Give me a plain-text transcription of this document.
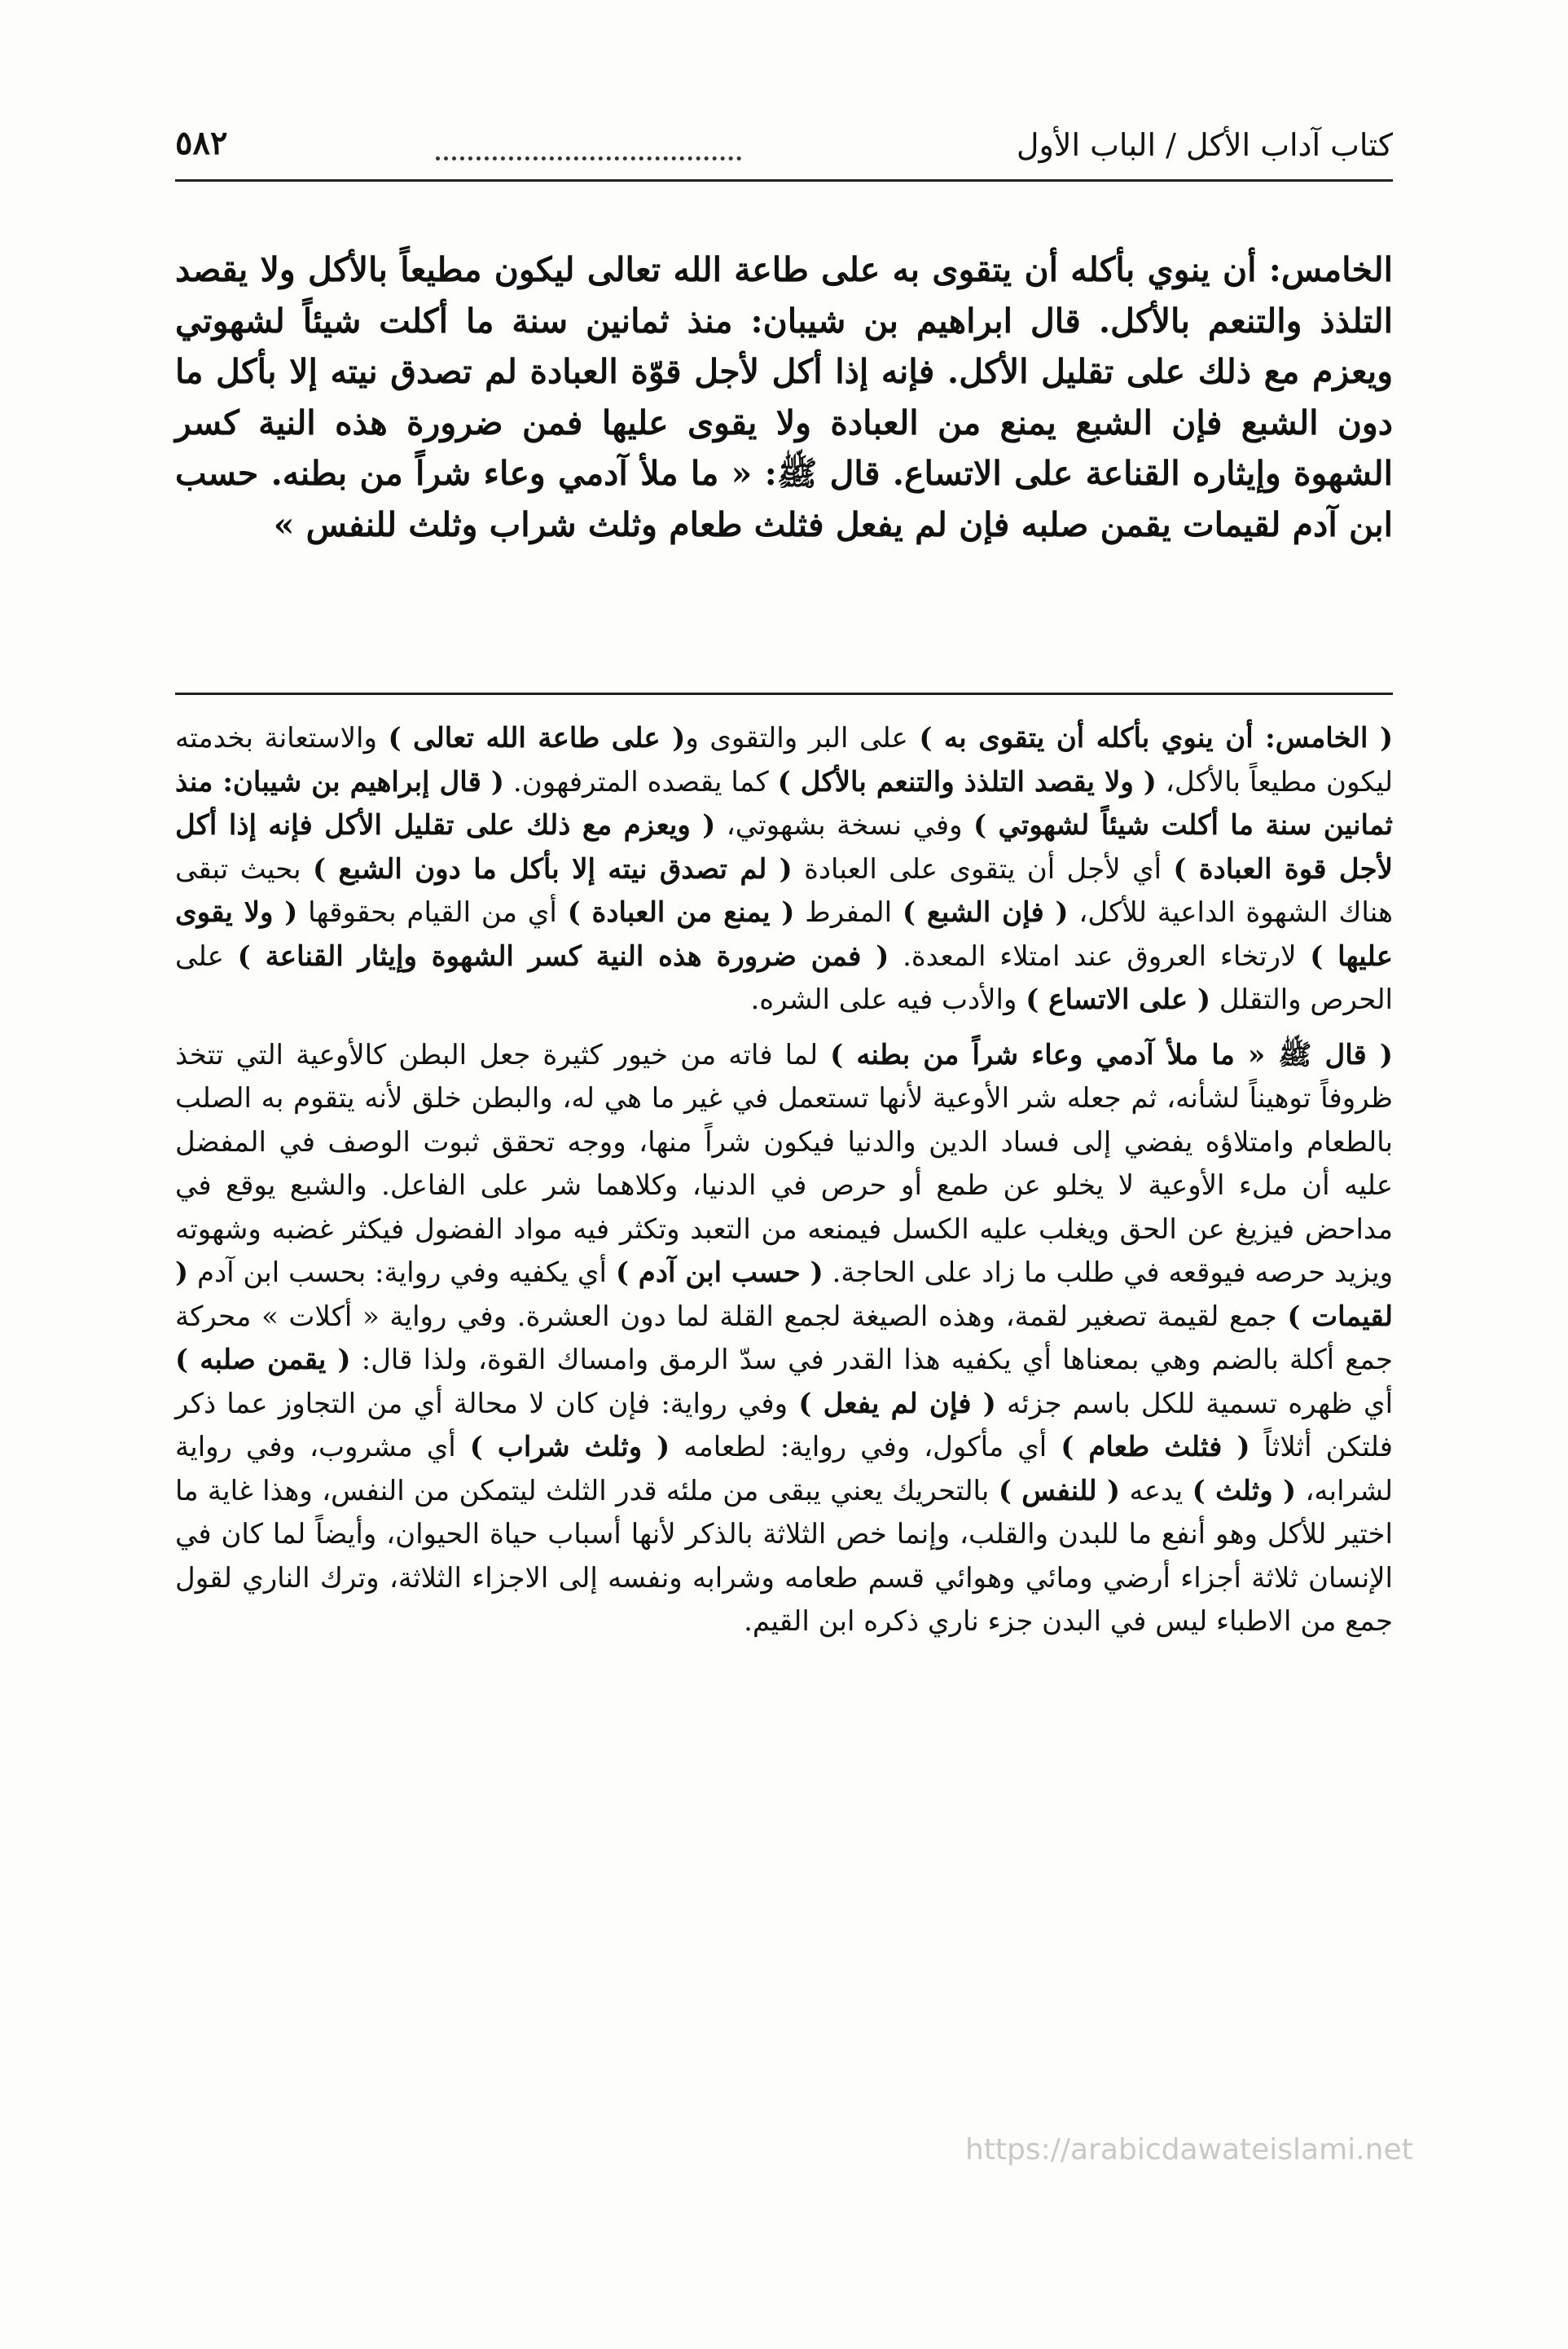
كتاب آداب الأكل / الباب الأول
٥٨٢
الخامس: أن ينوي بأكله أن يتقوى به على طاعة الله تعالى ليكون مطيعاً بالأكل ولا يقصد التلذذ والتنعم بالأكل. قال ابراهيم بن شيبان: منذ ثمانين سنة ما أكلت شيئاً لشهوتي ويعزم مع ذلك على تقليل الأكل. فإنه إذا أكل لأجل قوّة العبادة لم تصدق نيته إلا بأكل ما دون الشبع فإن الشبع يمنع من العبادة ولا يقوى عليها فمن ضرورة هذه النية كسر الشهوة وإيثاره القناعة على الاتساع. قال ﷺ: « ما ملأ آدمي وعاء شراً من بطنه. حسب ابن آدم لقيمات يقمن صلبه فإن لم يفعل فثلث طعام وثلث شراب وثلث للنفس »

( الخامس: أن ينوي بأكله أن يتقوى به ) على البر والتقوى و( على طاعة الله تعالى ) والاستعانة بخدمته ليكون مطيعاً بالأكل، ( ولا يقصد التلذذ والتنعم بالأكل ) كما يقصده المترفهون. ( قال إبراهيم بن شيبان: منذ ثمانين سنة ما أكلت شيئاً لشهوتي ) وفي نسخة بشهوتي، ( ويعزم مع ذلك على تقليل الأكل فإنه إذا أكل لأجل قوة العبادة ) أي لأجل أن يتقوى على العبادة ( لم تصدق نيته إلا بأكل ما دون الشبع ) بحيث تبقى هناك الشهوة الداعية للأكل، ( فإن الشبع ) المفرط ( يمنع من العبادة ) أي من القيام بحقوقها ( ولا يقوى عليها ) لارتخاء العروق عند امتلاء المعدة. ( فمن ضرورة هذه النية كسر الشهوة وإيثار القناعة ) على الحرص والتقلل ( على الاتساع ) والأدب فيه على الشره.

( قال ﷺ « ما ملأ آدمي وعاء شراً من بطنه ) لما فاته من خيور كثيرة جعل البطن كالأوعية التي تتخذ ظروفاً توهيناً لشأنه، ثم جعله شر الأوعية لأنها تستعمل في غير ما هي له، والبطن خلق لأنه يتقوم به الصلب بالطعام وامتلاؤه يفضي إلى فساد الدين والدنيا فيكون شراً منها، ووجه تحقق ثبوت الوصف في المفضل عليه أن ملء الأوعية لا يخلو عن طمع أو حرص في الدنيا، وكلاهما شر على الفاعل. والشبع يوقع في مداحض فيزيغ عن الحق ويغلب عليه الكسل فيمنعه من التعبد وتكثر فيه مواد الفضول فيكثر غضبه وشهوته ويزيد حرصه فيوقعه في طلب ما زاد على الحاجة. ( حسب ابن آدم ) أي يكفيه وفي رواية: بحسب ابن آدم ( لقيمات ) جمع لقيمة تصغير لقمة، وهذه الصيغة لجمع القلة لما دون العشرة. وفي رواية « أكلات » محركة جمع أكلة بالضم وهي بمعناها أي يكفيه هذا القدر في سدّ الرمق وامساك القوة، ولذا قال: ( يقمن صلبه ) أي ظهره تسمية للكل باسم جزئه ( فإن لم يفعل ) وفي رواية: فإن كان لا محالة أي من التجاوز عما ذكر فلتكن أثلاثاً ( فثلث طعام ) أي مأكول، وفي رواية: لطعامه ( وثلث شراب ) أي مشروب، وفي رواية لشرابه، ( وثلث ) يدعه ( للنفس ) بالتحريك يعني يبقى من ملئه قدر الثلث ليتمكن من النفس، وهذا غاية ما اختير للأكل وهو أنفع ما للبدن والقلب، وإنما خص الثلاثة بالذكر لأنها أسباب حياة الحيوان، وأيضاً لما كان في الإنسان ثلاثة أجزاء أرضي ومائي وهوائي قسم طعامه وشرابه ونفسه إلى الاجزاء الثلاثة، وترك الناري لقول جمع من الاطباء ليس في البدن جزء ناري ذكره ابن القيم.

https://arabicdawateislami.net
